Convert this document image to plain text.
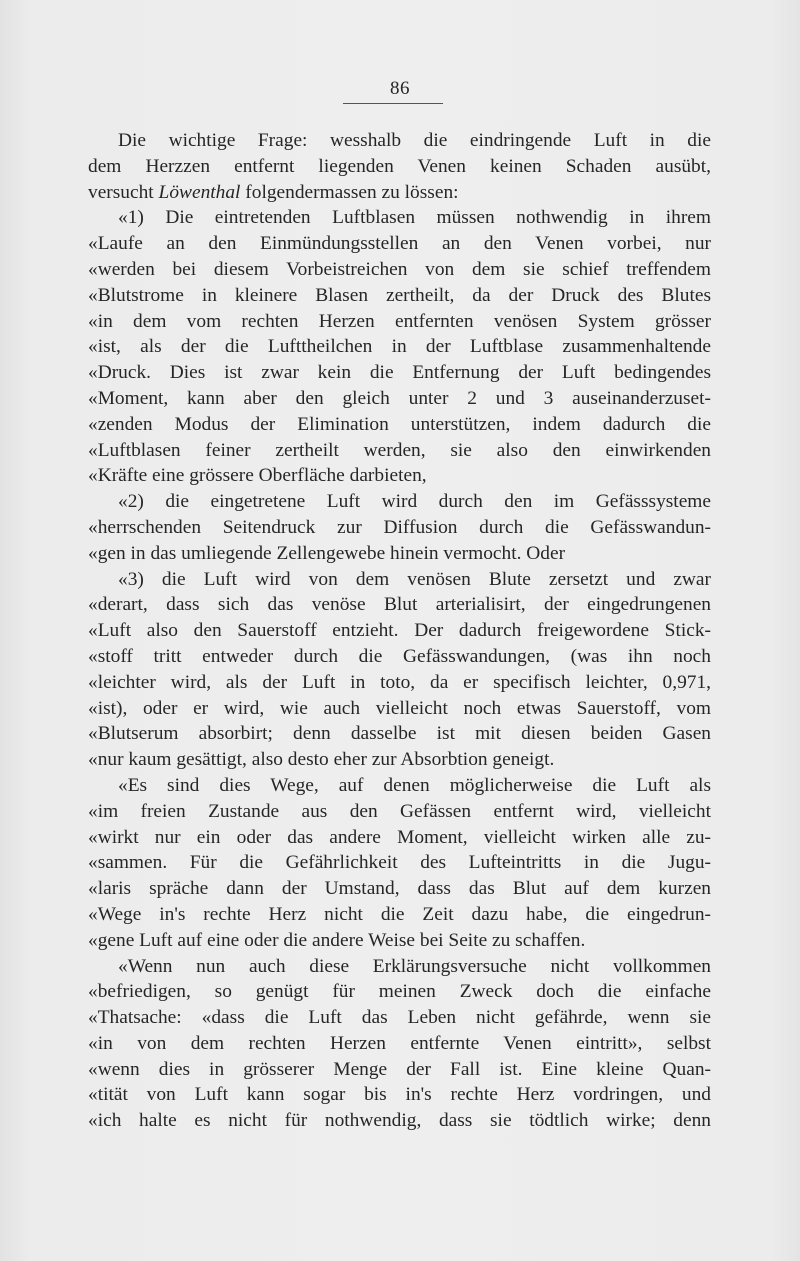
86
Die wichtige Frage: wesshalb die eindringende Luft in die
dem Herzzen entfernt liegenden Venen keinen Schaden ausübt,
versucht Löwenthal folgendermassen zu lössen:
«1) Die eintretenden Luftblasen müssen nothwendig in ihrem
«Laufe an den Einmündungsstellen an den Venen vorbei, nur
«werden bei diesem Vorbeistreichen von dem sie schief treffendem
«Blutstrome in kleinere Blasen zertheilt, da der Druck des Blutes
«in dem vom rechten Herzen entfernten venösen System grösser
«ist, als der die Lufttheilchen in der Luftblase zusammenhaltende
«Druck. Dies ist zwar kein die Entfernung der Luft bedingendes
«Moment, kann aber den gleich unter 2 und 3 auseinanderzuset-
«zenden Modus der Elimination unterstützen, indem dadurch die
«Luftblasen feiner zertheilt werden, sie also den einwirkenden
«Kräfte eine grössere Oberfläche darbieten,
«2) die eingetretene Luft wird durch den im Gefässsysteme
«herrschenden Seitendruck zur Diffusion durch die Gefässwandun-
«gen in das umliegende Zellengewebe hinein vermocht. Oder
«3) die Luft wird von dem venösen Blute zersetzt und zwar
«derart, dass sich das venöse Blut arterialisirt, der eingedrungenen
«Luft also den Sauerstoff entzieht. Der dadurch freigewordene Stick-
«stoff tritt entweder durch die Gefässwandungen, (was ihn noch
«leichter wird, als der Luft in toto, da er specifisch leichter, 0,971,
«ist), oder er wird, wie auch vielleicht noch etwas Sauerstoff, vom
«Blutserum absorbirt; denn dasselbe ist mit diesen beiden Gasen
«nur kaum gesättigt, also desto eher zur Absorbtion geneigt.
«Es sind dies Wege, auf denen möglicherweise die Luft als
«im freien Zustande aus den Gefässen entfernt wird, vielleicht
«wirkt nur ein oder das andere Moment, vielleicht wirken alle zu-
«sammen. Für die Gefährlichkeit des Lufteintritts in die Jugu-
«laris spräche dann der Umstand, dass das Blut auf dem kurzen
«Wege in's rechte Herz nicht die Zeit dazu habe, die eingedrun-
«gene Luft auf eine oder die andere Weise bei Seite zu schaffen.
«Wenn nun auch diese Erklärungsversuche nicht vollkommen
«befriedigen, so genügt für meinen Zweck doch die einfache
«Thatsache: «dass die Luft das Leben nicht gefährde, wenn sie
«in von dem rechten Herzen entfernte Venen eintritt», selbst
«wenn dies in grösserer Menge der Fall ist. Eine kleine Quan-
«tität von Luft kann sogar bis in's rechte Herz vordringen, und
«ich halte es nicht für nothwendig, dass sie tödtlich wirke; denn
